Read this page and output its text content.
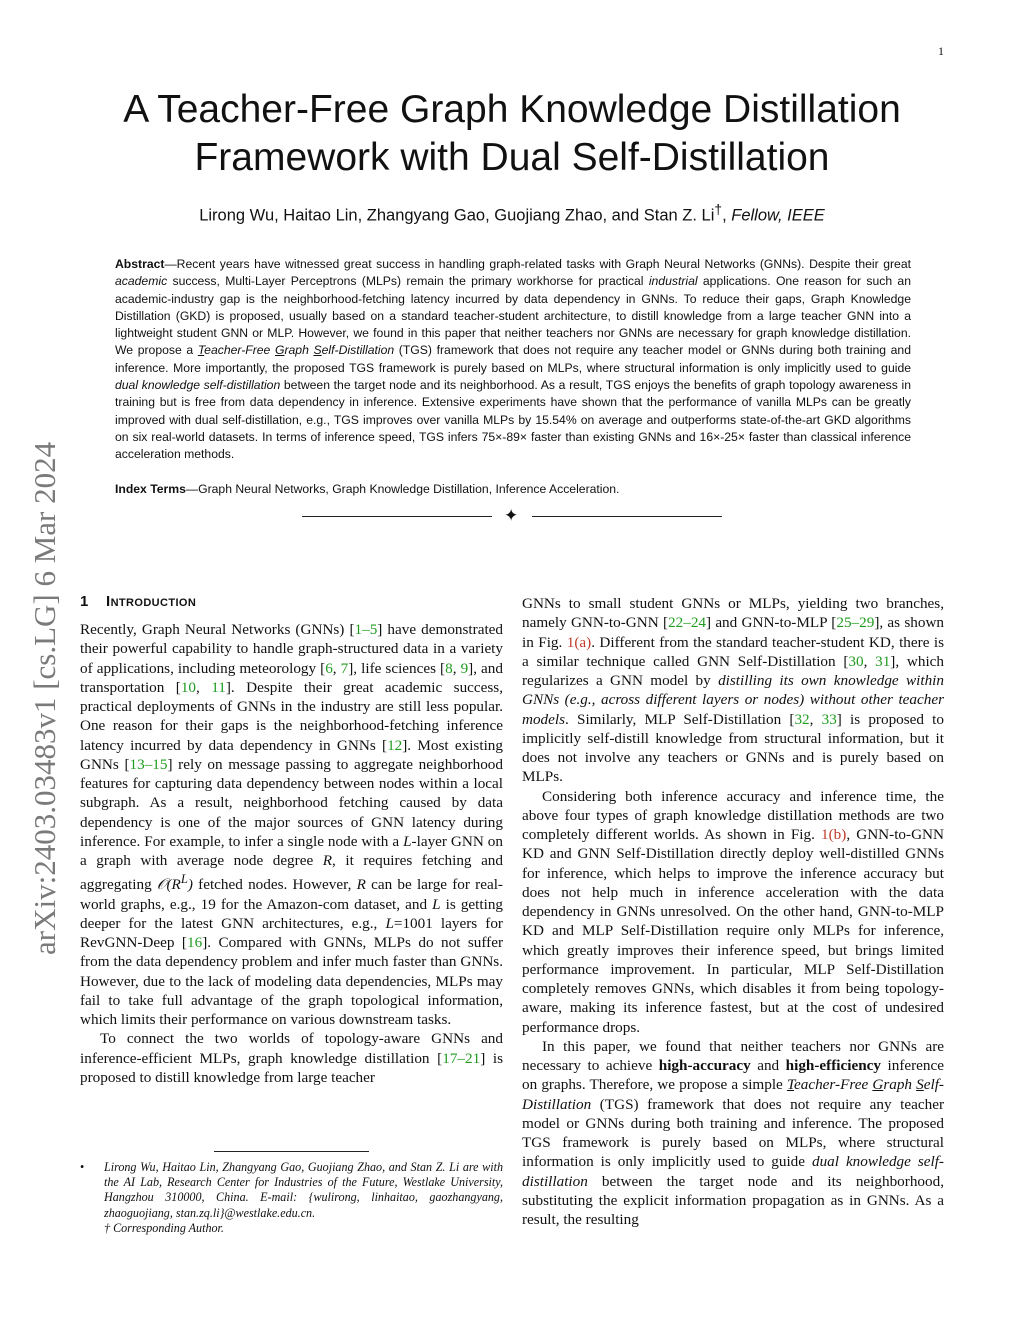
1
arXiv:2403.03483v1 [cs.LG] 6 Mar 2024
A Teacher-Free Graph Knowledge Distillation Framework with Dual Self-Distillation
Lirong Wu, Haitao Lin, Zhangyang Gao, Guojiang Zhao, and Stan Z. Li†, Fellow, IEEE
Abstract—Recent years have witnessed great success in handling graph-related tasks with Graph Neural Networks (GNNs). Despite their great academic success, Multi-Layer Perceptrons (MLPs) remain the primary workhorse for practical industrial applications. One reason for such an academic-industry gap is the neighborhood-fetching latency incurred by data dependency in GNNs. To reduce their gaps, Graph Knowledge Distillation (GKD) is proposed, usually based on a standard teacher-student architecture, to distill knowledge from a large teacher GNN into a lightweight student GNN or MLP. However, we found in this paper that neither teachers nor GNNs are necessary for graph knowledge distillation. We propose a Teacher-Free Graph Self-Distillation (TGS) framework that does not require any teacher model or GNNs during both training and inference. More importantly, the proposed TGS framework is purely based on MLPs, where structural information is only implicitly used to guide dual knowledge self-distillation between the target node and its neighborhood. As a result, TGS enjoys the benefits of graph topology awareness in training but is free from data dependency in inference. Extensive experiments have shown that the performance of vanilla MLPs can be greatly improved with dual self-distillation, e.g., TGS improves over vanilla MLPs by 15.54% on average and outperforms state-of-the-art GKD algorithms on six real-world datasets. In terms of inference speed, TGS infers 75×-89× faster than existing GNNs and 16×-25× faster than classical inference acceleration methods.
Index Terms—Graph Neural Networks, Graph Knowledge Distillation, Inference Acceleration.
✦
1 Introduction

Recently, Graph Neural Networks (GNNs) [1–5] have demonstrated their powerful capability to handle graph-structured data in a variety of applications, including meteorology [6, 7], life sciences [8, 9], and transportation [10, 11]. Despite their great academic success, practical deployments of GNNs in the industry are still less popular. One reason for their gaps is the neighborhood-fetching inference latency incurred by data dependency in GNNs [12]. Most existing GNNs [13–15] rely on message passing to aggregate neighborhood features for capturing data dependency between nodes within a local subgraph. As a result, neighborhood fetching caused by data dependency is one of the major sources of GNN latency during inference. For example, to infer a single node with a L-layer GNN on a graph with average node degree R, it requires fetching and aggregating $𝒪(R^L)$ fetched nodes. However, R can be large for real-world graphs, e.g., 19 for the Amazon-com dataset, and L is getting deeper for the latest GNN architectures, e.g., L=1001 layers for RevGNN-Deep [16]. Compared with GNNs, MLPs do not suffer from the data dependency problem and infer much faster than GNNs. However, due to the lack of modeling data dependencies, MLPs may fail to take full advantage of the graph topological information, which limits their performance on various downstream tasks.

To connect the two worlds of topology-aware GNNs and inference-efficient MLPs, graph knowledge distillation [17–21] is proposed to distill knowledge from large teacher

• Lirong Wu, Haitao Lin, Zhangyang Gao, Guojiang Zhao, and Stan Z. Li are with the AI Lab, Research Center for Industries of the Future, Westlake University, Hangzhou 310000, China. E-mail: {wulirong, linhaitao, gaozhangyang, zhaoguojiang, stan.zq.li}@westlake.edu.cn.
† Corresponding Author.

GNNs to small student GNNs or MLPs, yielding two branches, namely GNN-to-GNN [22–24] and GNN-to-MLP [25–29], as shown in Fig. 1(a). Different from the standard teacher-student KD, there is a similar technique called GNN Self-Distillation [30, 31], which regularizes a GNN model by distilling its own knowledge within GNNs (e.g., across different layers or nodes) without other teacher models. Similarly, MLP Self-Distillation [32, 33] is proposed to implicitly self-distill knowledge from structural information, but it does not involve any teachers or GNNs and is purely based on MLPs.

Considering both inference accuracy and inference time, the above four types of graph knowledge distillation methods are two completely different worlds. As shown in Fig. 1(b), GNN-to-GNN KD and GNN Self-Distillation directly deploy well-distilled GNNs for inference, which helps to improve the inference accuracy but does not help much in inference acceleration with the data dependency in GNNs unresolved. On the other hand, GNN-to-MLP KD and MLP Self-Distillation require only MLPs for inference, which greatly improves their inference speed, but brings limited performance improvement. In particular, MLP Self-Distillation completely removes GNNs, which disables it from being topology-aware, making its inference fastest, but at the cost of undesired performance drops.

In this paper, we found that neither teachers nor GNNs are necessary to achieve high-accuracy and high-efficiency inference on graphs. Therefore, we propose a simple Teacher-Free Graph Self-Distillation (TGS) framework that does not require any teacher model or GNNs during both training and inference. The proposed TGS framework is purely based on MLPs, where structural information is only implicitly used to guide dual knowledge self-distillation between the target node and its neighborhood, substituting the explicit information propagation as in GNNs. As a result, the resulting
